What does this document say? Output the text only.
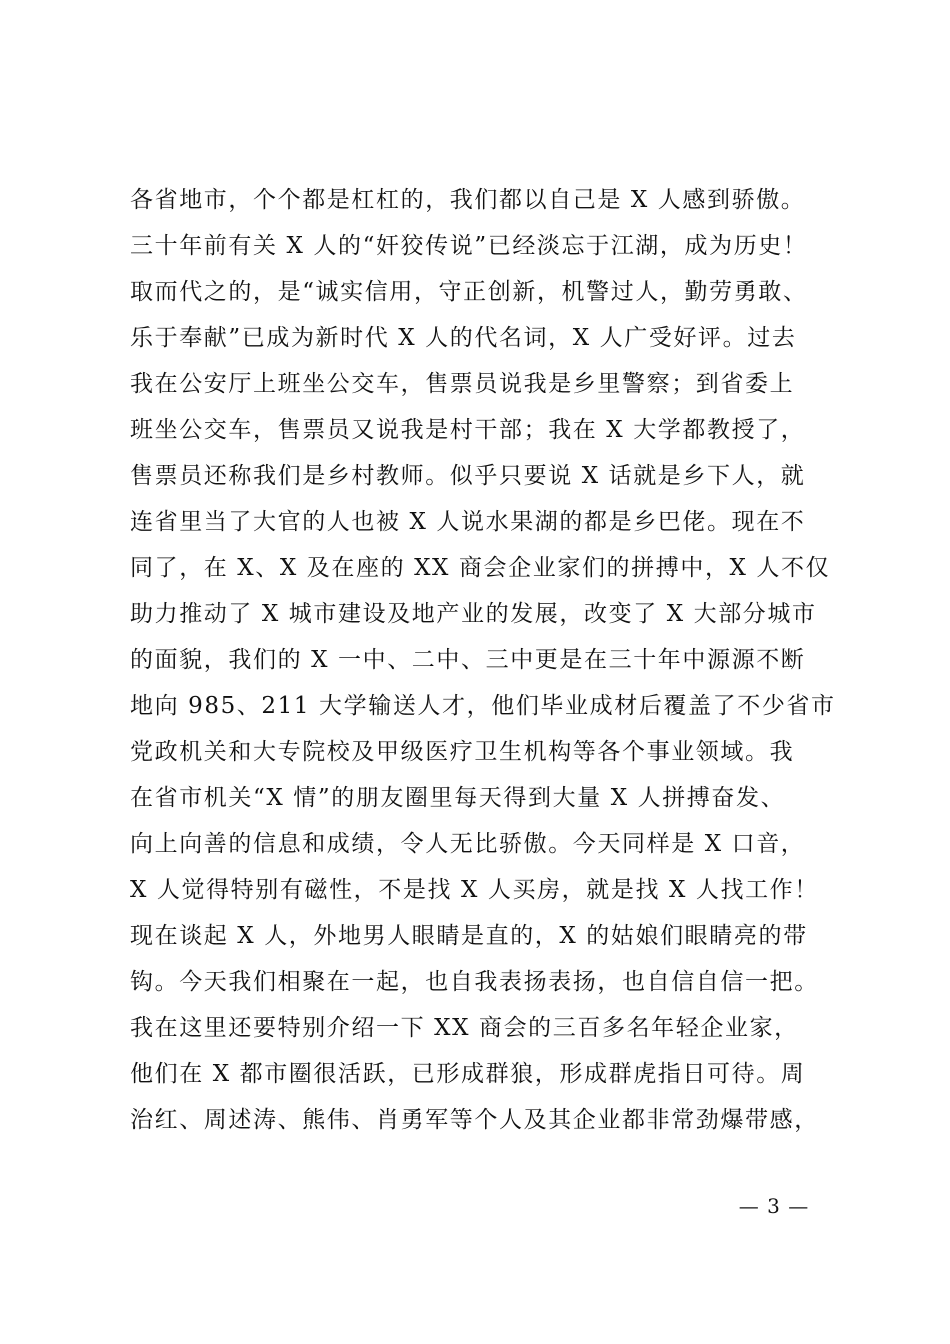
各省地市，个个都是杠杠的，我们都以自己是 X 人感到骄傲。
三十年前有关 X 人的“奸狡传说”已经淡忘于江湖，成为历史！
取而代之的，是“诚实信用，守正创新，机警过人，勤劳勇敢、
乐于奉献”已成为新时代 X 人的代名词，X 人广受好评。过去
我在公安厅上班坐公交车，售票员说我是乡里警察；到省委上
班坐公交车，售票员又说我是村干部；我在 X 大学都教授了，
售票员还称我们是乡村教师。似乎只要说 X 话就是乡下人，就
连省里当了大官的人也被 X 人说水果湖的都是乡巴佬。现在不
同了，在 X、X 及在座的 XX 商会企业家们的拼搏中，X 人不仅
助力推动了 X 城市建设及地产业的发展，改变了 X 大部分城市
的面貌，我们的 X 一中、二中、三中更是在三十年中源源不断
地向 985、211 大学输送人才，他们毕业成材后覆盖了不少省市
党政机关和大专院校及甲级医疗卫生机构等各个事业领域。我
在省市机关“X 情”的朋友圈里每天得到大量 X 人拼搏奋发、
向上向善的信息和成绩，令人无比骄傲。今天同样是 X 口音，
X 人觉得特别有磁性，不是找 X 人买房，就是找 X 人找工作！
现在谈起 X 人，外地男人眼睛是直的，X 的姑娘们眼睛亮的带
钩。今天我们相聚在一起，也自我表扬表扬，也自信自信一把。
我在这里还要特别介绍一下 XX 商会的三百多名年轻企业家，
他们在 X 都市圈很活跃，已形成群狼，形成群虎指日可待。周
治红、周述涛、熊伟、肖勇军等个人及其企业都非常劲爆带感，
— 3 —
